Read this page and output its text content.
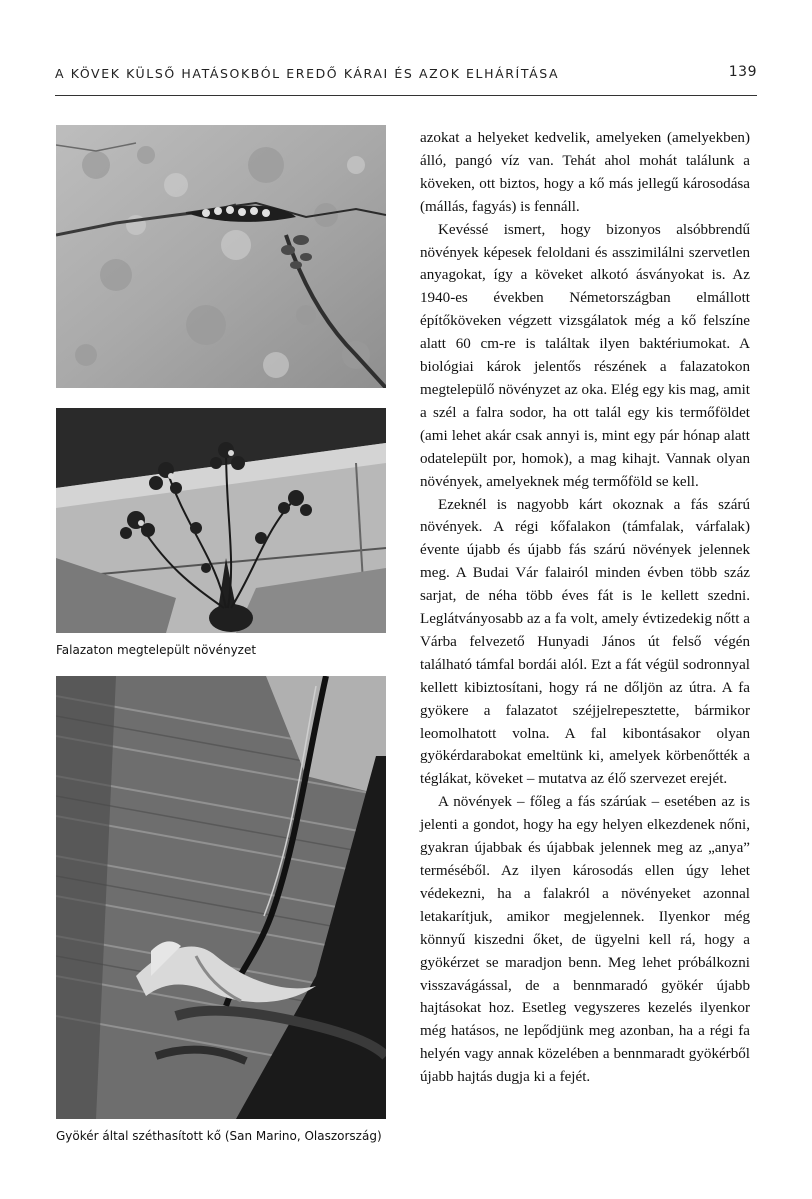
A KÖVEK KÜLSŐ HATÁSOKBÓL EREDŐ KÁRAI ÉS AZOK ELHÁRÍTÁSA	139
Falazaton megtelepült növényzet
Gyökér által széthasított kő (San Marino, Olaszország)

azokat a helyeket kedvelik, amelyeken (amelyekben) álló, pangó víz van. Tehát ahol mohát találunk a köveken, ott biztos, hogy a kő más jellegű károsodása (mállás, fagyás) is fennáll.

Kevéssé ismert, hogy bizonyos alsóbbrendű növények képesek feloldani és asszimilálni szervetlen anyagokat, így a köveket alkotó ásványokat is. Az 1940-es években Németországban elmállott építőköveken végzett vizsgálatok még a kő felszíne alatt 60 cm-re is találtak ilyen baktériumokat. A biológiai károk jelentős részének a falazatokon megtelepülő növényzet az oka. Elég egy kis mag, amit a szél a falra sodor, ha ott talál egy kis termőföldet (ami lehet akár csak annyi is, mint egy pár hónap alatt odatelepült por, homok), a mag kihajt. Vannak olyan növények, amelyeknek még termőföld se kell.

Ezeknél is nagyobb kárt okoznak a fás szárú növények. A régi kőfalakon (támfalak, várfalak) évente újabb és újabb fás szárú növények jelennek meg. A Budai Vár falairól minden évben több száz sarjat, de néha több éves fát is le kellett szedni. Leglátványosabb az a fa volt, amely évtizedekig nőtt a Várba felvezető Hunyadi János út felső végén található támfal bordái alól. Ezt a fát végül sodronnyal kellett kibiztosítani, hogy rá ne dőljön az útra. A fa gyökere a falazatot széjjelrepesztette, bármikor leomolhatott volna. A fal kibontásakor olyan gyökérdarabokat emeltünk ki, amelyek körbenőtték a téglákat, köveket – mutatva az élő szervezet erejét.

A növények – főleg a fás szárúak – esetében az is jelenti a gondot, hogy ha egy helyen elkezdenek nőni, gyakran újabbak és újabbak jelennek meg az „anya” terméséből. Az ilyen károsodás ellen úgy lehet védekezni, ha a falakról a növényeket azonnal letakarítjuk, amikor megjelennek. Ilyenkor még könnyű kiszedni őket, de ügyelni kell rá, hogy a gyökérzet se maradjon benn. Meg lehet próbálkozni visszavágással, de a bennmaradó gyökér újabb hajtásokat hoz. Esetleg vegyszeres kezelés ilyenkor még hatásos, ne lepődjünk meg azonban, ha a régi fa helyén vagy annak közelében a bennmaradt gyökérből újabb hajtás dugja ki a fejét.
